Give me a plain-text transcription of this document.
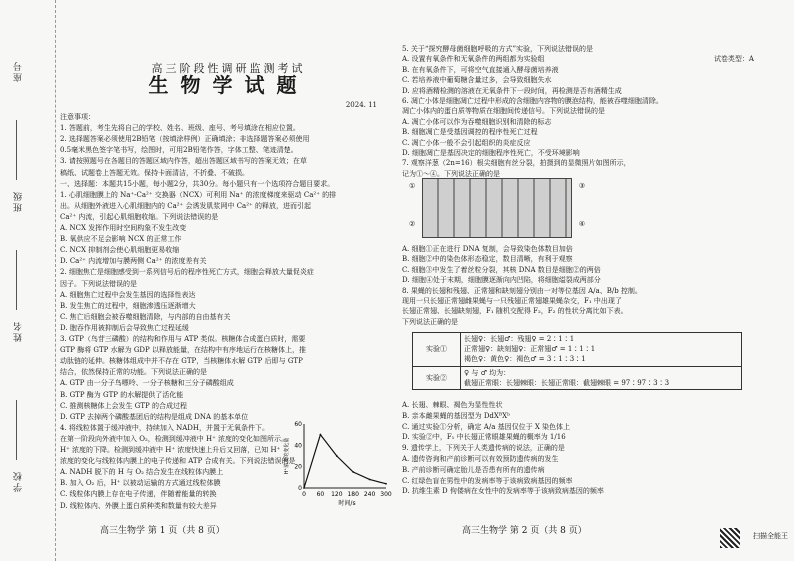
学校
姓名
班级
座号	高三阶段性调研监测考试
生物学试题
2024. 11
注意事项：
1. 答题前，考生先将自己的学校、姓名、班级、座号、考号填涂在相应位置。
2. 选择题答案必须使用2B铅笔（按填涂样例）正确填涂；非选择题答案必须使用
0.5毫米黑色签字笔书写，绘图时，可用2B铅笔作答，字体工整、笔迹清楚。
3. 请按照题号在各题目的答题区域内作答，超出答题区域书写的答案无效；在草
稿纸、试题卷上答题无效。保持卡面清洁，不折叠、不破损。
一、选择题：本题共15小题，每小题2分，共30分。每小题只有一个选项符合题目要求。
1. 心肌细胞膜上的 Na⁺-Ca²⁺ 交换器（NCX）可利用 Na⁺ 的浓度梯度来驱动 Ca²⁺ 的排
出。从细胞外液进入心肌细胞内的 Ca²⁺ 会诱发肌浆网中 Ca²⁺ 的释放，进而引起
Ca²⁺ 内流，引起心肌细胞收缩。下列说法错误的是
A. NCX 发挥作用时空间构象不发生改变
B. 氧供应不足会影响 NCX 的正常工作
C. NCX 抑制剂会使心肌细胞更易收缩
D. Ca²⁺ 内流增加与膜两侧 Ca²⁺ 的浓度差有关
2. 细胞焦亡是细胞感受到一系列信号后的程序性死亡方式，细胞会释放大量促炎症
因子。下列说法错误的是
A. 细胞焦亡过程中会发生基因的选择性表达
B. 发生焦亡的过程中，细胞渗透压逐渐增大
C. 焦亡后细胞会被吞噬细胞清除，与内部的自由基有关
D. 胞吞作用被抑制后会导致焦亡过程延缓
3. GTP（鸟苷三磷酸）的结构和作用与 ATP 类似。核糖体合成蛋白质时，需要
GTP 酶将 GTP 水解为 GDP 以释放能量，在结构中有序地运行在核糖体上，推
动肽链的延伸。核糖体组成中并不存在 GTP，当核糖体水解 GTP 后即与 GTP
结合，依然保持正常的功能。下列说法正确的是
A. GTP 由一分子鸟嘌呤、一分子核糖和三分子磷酸组成
B. GTP 酶为 GTP 的水解提供了活化能
C. 推测核糖体上会发生 GTP 的合成过程
D. GTP 去掉两个磷酸基团后的结构是组成 DNA 的基本单位
4. 将线粒体置于缓冲液中，持续加入 NADH，并置于无氧条件下。
在第一阶段向外液中加入 O₂，检测到缓冲液中 H⁺ 浓度的变化如图所示。
H⁺ 浓度的下降。检测到缓冲液中 H⁺ 浓度快速上升后又回落，已知 H⁺
浓度的变化与线粒体内膜上的电子传递和 ATP 合成有关。下列说法错误的是
A. NADH 脱下的 H 与 O₂ 结合发生在线粒体内膜上
B. 加入 O₂ 后，H⁺ 以被动运输的方式通过线粒体膜
C. 线粒体内膜上存在电子传递，伴随着能量的转换
D. 线粒体内、外膜上蛋白质种类和数量有较大差异
0 60 120 180 240 300
0
20
40
60
时间/s
H⁺浓度的变化量
高三生物学 第 1 页（共 8 页）
试卷类型：A
5. 关于“探究酵母菌细胞呼吸的方式”实验，下列说法错误的是
A. 设置有氧条件和无氧条件的两组都为实验组
B. 在有氧条件下，可将空气直接通入酵母菌培养液
C. 若培养液中葡萄糖含量过多，会导致细胞失水
D. 应将酒精检测的溶液在无氧条件下一段时间，再检测是否有酒精生成
6. 凋亡小体是细胞凋亡过程中形成的含细胞内容物的膜泡结构，能被吞噬细胞清除。
凋亡小体内的蛋白质等物质在细胞间传递信号。下列说法错误的是
A. 凋亡小体可以作为吞噬细胞识别和清除的标志
B. 细胞凋亡是受基因调控的程序性死亡过程
C. 凋亡小体一般不会引起组织的炎症反应
D. 细胞凋亡是基因决定的细胞程序性死亡，不受环境影响
7. 观察洋葱（2n=16）根尖细胞有丝分裂，拍摄到的显微照片如图所示，
记为①～④。下列说法正确的是
①
②
③
④
A. 细胞①正在进行 DNA 复制，会导致染色体数目加倍
B. 细胞②中的染色体形态稳定，数目清晰，有利于观察
C. 细胞③中发生了着丝粒分裂，其核 DNA 数目是细胞②的两倍
D. 细胞④处于末期，细胞膜逐渐向内凹陷，将细胞缢裂成两部分
8. 果蝇的长翅和残翅、正常翅和缺刻翅分别由一对等位基因 A/a、B/b 控制。
现用一只长翅正常翅雌果蝇与一只残翅正常翅雄果蝇杂交，F₁ 中出现了
长翅正常翅、长翅缺刻翅，F₁ 随机交配得 F₂，F₂ 的性状分离比如下表。
下列说法正确的是
实验①	长翅♀：长翅♂：残翅♀ = 2∶1∶1
正常翅♀：缺刻翅♀：正常翅♂ = 1∶1∶1
褐色♀：黄色♀：褐色♂ = 3∶1∶3∶1

实验②	♀ 与 ♂ 均为：
截翅正常眼：长翅棘眼：长翅正常眼：截翅棘眼 = 97∶97∶3∶3
A. 长翅、棘眼、褐色为显性性状
B. 亲本雌果蝇的基因型为 DdXᴮXᵇ
C. 通过实验①分析，确定 A/a 基因仅位于 X 染色体上
D. 实验②中，F₁ 中长翅正常眼雄果蝇的概率为 1/16
9. 遗传学上，下列关于人类遗传病的说法，正确的是
A. 遗传咨询和产前诊断可以有效预防遗传病的发生
B. 产前诊断可确定胎儿是否患有所有的遗传病
C. 红绿色盲在男性中的发病率等于该病致病基因的频率
D. 抗维生素 D 佝偻病在女性中的发病率等于该病致病基因的频率
高三生物学 第 2 页（共 8 页）	扫描全能王
